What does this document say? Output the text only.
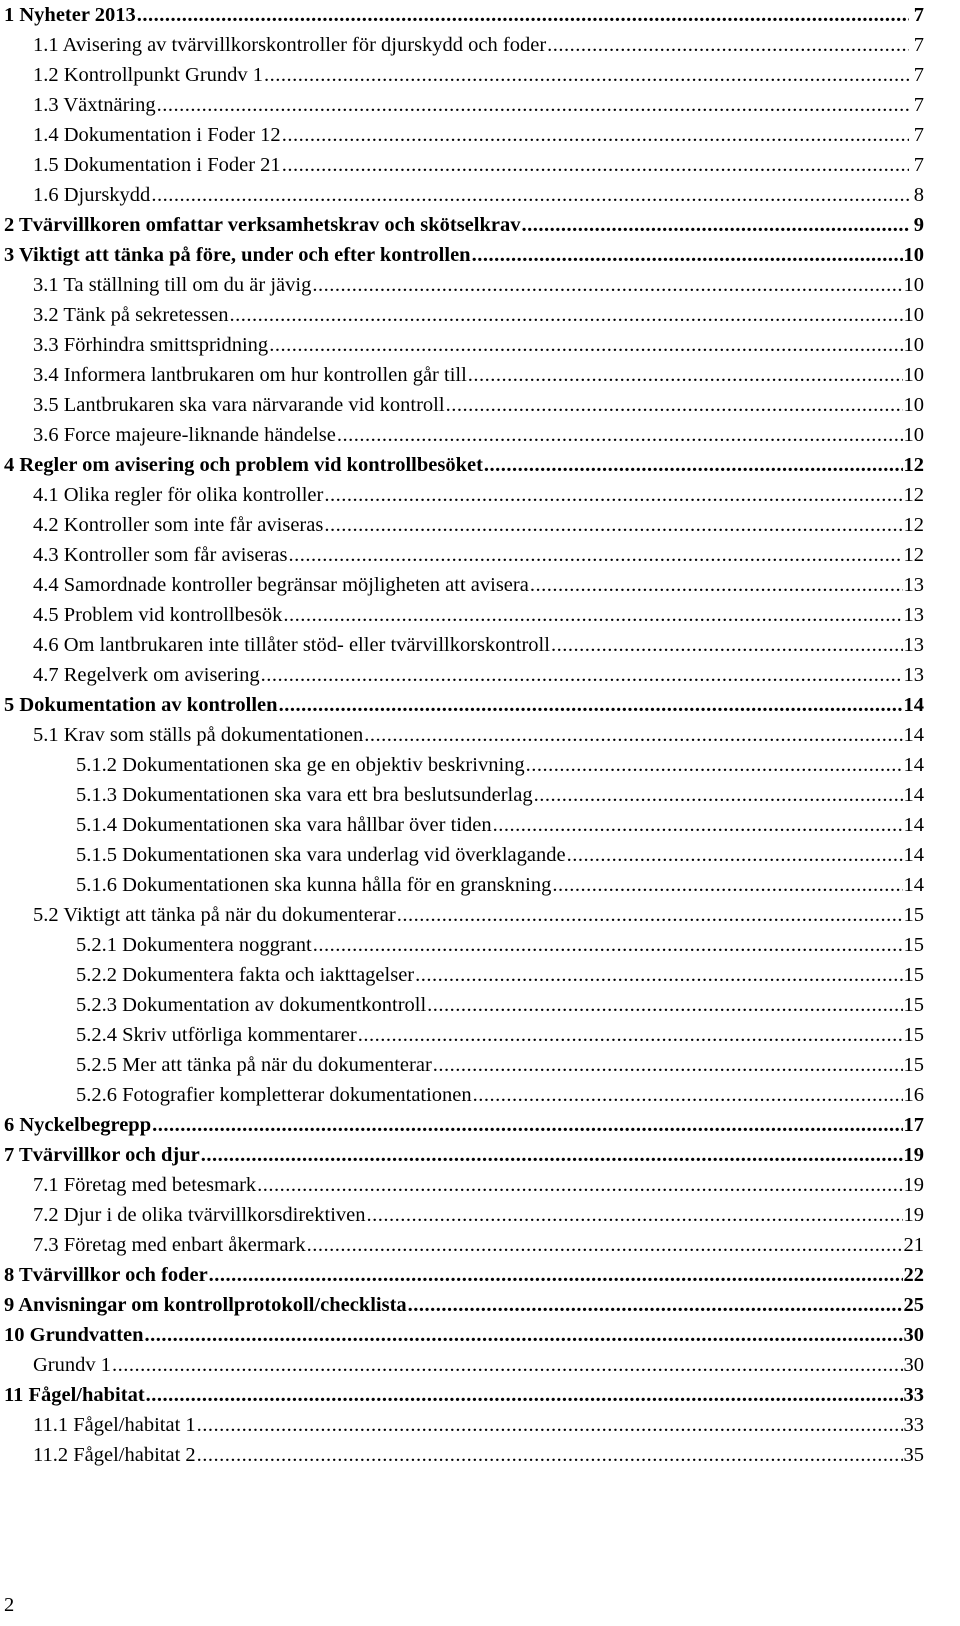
1 Nyheter 2013 .....	7
1.1 Avisering av tvärvillkorskontroller för djurskydd och foder .....	7
1.2 Kontrollpunkt Grundv 1 .....	7
1.3 Växtnäring .....	7
1.4 Dokumentation i Foder 12 .....	7
1.5 Dokumentation i Foder 21 .....	7
1.6 Djurskydd .....	8
2 Tvärvillkoren omfattar verksamhetskrav och skötselkrav .....	9
3 Viktigt att tänka på före, under och efter kontrollen .....	10
3.1 Ta ställning till om du är jävig .....	10
3.2 Tänk på sekretessen .....	10
3.3 Förhindra smittspridning .....	10
3.4 Informera lantbrukaren om hur kontrollen går till .....	10
3.5 Lantbrukaren ska vara närvarande vid kontroll .....	10
3.6 Force majeure-liknande händelse .....	10
4 Regler om avisering och problem vid kontrollbesöket .....	12
4.1 Olika regler för olika kontroller .....	12
4.2 Kontroller som inte får aviseras .....	12
4.3 Kontroller som får aviseras .....	12
4.4 Samordnade kontroller begränsar möjligheten att avisera .....	13
4.5 Problem vid kontrollbesök .....	13
4.6 Om lantbrukaren inte tillåter stöd- eller tvärvillkorskontroll .....	13
4.7 Regelverk om avisering .....	13
5 Dokumentation av kontrollen .....	14
5.1 Krav som ställs på dokumentationen .....	14
5.1.2 Dokumentationen ska ge en objektiv beskrivning .....	14
5.1.3 Dokumentationen ska vara ett bra beslutsunderlag .....	14
5.1.4 Dokumentationen ska vara hållbar över tiden .....	14
5.1.5 Dokumentationen ska vara underlag vid överklagande .....	14
5.1.6 Dokumentationen ska kunna hålla för en granskning .....	14
5.2 Viktigt att tänka på när du dokumenterar .....	15
5.2.1 Dokumentera noggrant .....	15
5.2.2 Dokumentera fakta och iakttagelser .....	15
5.2.3 Dokumentation av dokumentkontroll .....	15
5.2.4 Skriv utförliga kommentarer .....	15
5.2.5 Mer att tänka på när du dokumenterar .....	15
5.2.6 Fotografier kompletterar dokumentationen .....	16
6 Nyckelbegrepp .....	17
7 Tvärvillkor och djur .....	19
7.1 Företag med betesmark .....	19
7.2 Djur i de olika tvärvillkorsdirektiven .....	19
7.3 Företag med enbart åkermark .....	21
8 Tvärvillkor och foder .....	22
9 Anvisningar om kontrollprotokoll/checklista .....	25
10 Grundvatten .....	30
Grundv 1 .....	30
11 Fågel/habitat .....	33
11.1 Fågel/habitat 1 .....	33
11.2 Fågel/habitat 2 .....	35
2
